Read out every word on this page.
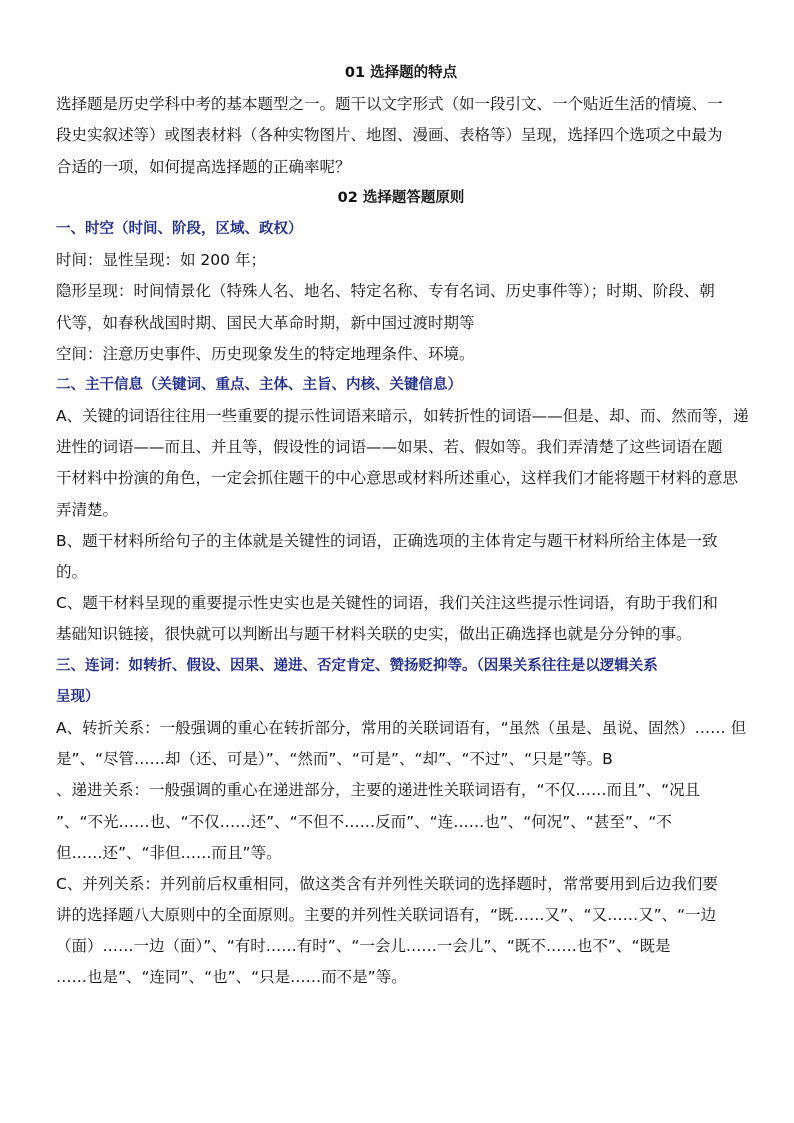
01 选择题的特点
选择题是历史学科中考的基本题型之一。题干以文字形式（如一段引文、一个贴近生活的情境、一
段史实叙述等）或图表材料（各种实物图片、地图、漫画、表格等）呈现，选择四个选项之中最为
合适的一项，如何提高选择题的正确率呢？
02 选择题答题原则
一、时空（时间、阶段，区域、政权）
时间：显性呈现：如 200 年；
隐形呈现：时间情景化（特殊人名、地名、特定名称、专有名词、历史事件等）；时期、阶段、朝
代等，如春秋战国时期、国民大革命时期，新中国过渡时期等
空间：注意历史事件、历史现象发生的特定地理条件、环境。
二、主干信息（关键词、重点、主体、主旨、内核、关键信息）
A、关键的词语往往用一些重要的提示性词语来暗示，如转折性的词语——但是、却、而、然而等，递
进性的词语——而且、并且等，假设性的词语——如果、若、假如等。我们弄清楚了这些词语在题
干材料中扮演的角色，一定会抓住题干的中心意思或材料所述重心，这样我们才能将题干材料的意思
弄清楚。
B、题干材料所给句子的主体就是关键性的词语，正确选项的主体肯定与题干材料所给主体是一致
的。
C、题干材料呈现的重要提示性史实也是关键性的词语，我们关注这些提示性词语，有助于我们和
基础知识链接，很快就可以判断出与题干材料关联的史实，做出正确选择也就是分分钟的事。
三、连词：如转折、假设、因果、递进、否定肯定、赞扬贬抑等。（因果关系往往是以逻辑关系
呈现）
A、转折关系：一般强调的重心在转折部分，常用的关联词语有，“虽然（虽是、虽说、固然）…… 但
是”、“尽管……却（还、可是）”、“然而”、“可是”、“却”、“不过”、“只是”等。B
、递进关系：一般强调的重心在递进部分，主要的递进性关联词语有，“不仅……而且”、“况且
”、“不光……也、“不仅……还”、“不但不……反而”、“连……也”、“何况”、“甚至”、“不
但……还”、“非但……而且”等。
C、并列关系：并列前后权重相同，做这类含有并列性关联词的选择题时，常常要用到后边我们要
讲的选择题八大原则中的全面原则。主要的并列性关联词语有，“既……又”、“又……又”、“一边
（面）……一边（面）”、“有时……有时”、“一会儿……一会儿”、“既不……也不”、“既是
……也是”、“连同”、“也”、“只是……而不是”等。
